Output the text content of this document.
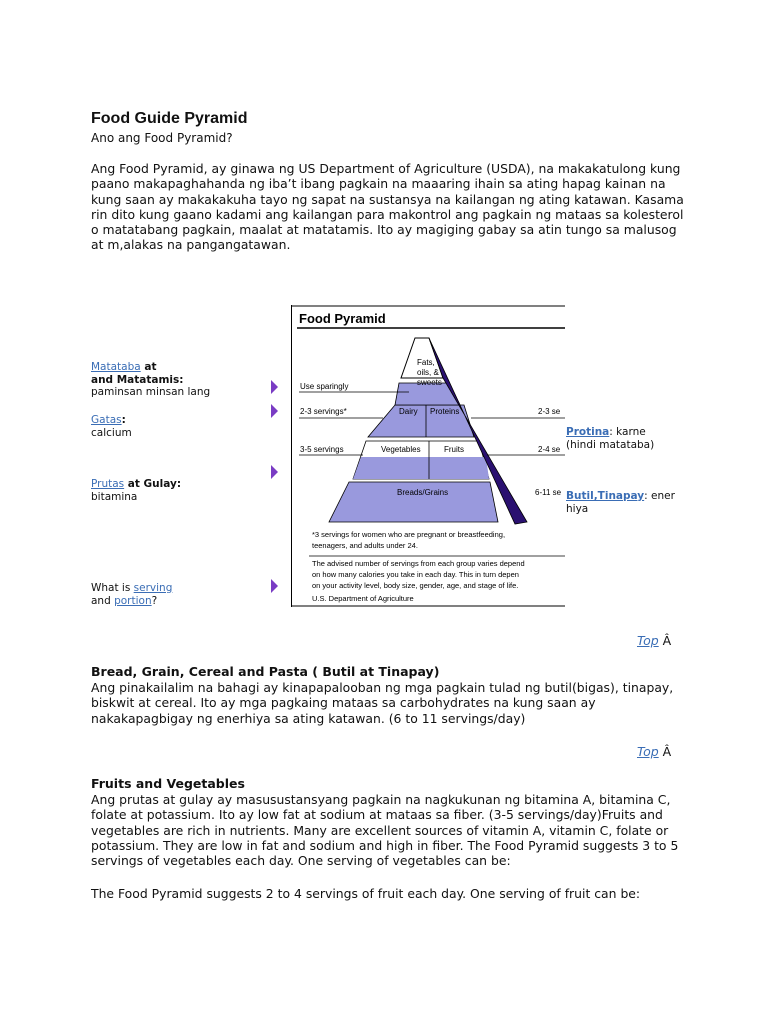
Food Guide Pyramid
Ano ang Food Pyramid?
Ang Food Pyramid, ay ginawa ng US Department of Agriculture (USDA), na makakatulong kung paano makapaghahanda ng iba’t ibang pagkain na maaaring ihain sa ating hapag kainan na kung saan ay makakakuha tayo ng sapat na sustansya na kailangan ng ating katawan. Kasama rin dito kung gaano kadami ang kailangan para makontrol ang pagkain ng mataas sa kolesterol o matatabang pagkain, maalat at matatamis. Ito ay magiging gabay sa atin tungo sa malusog at m,alakas na pangangatawan.
Matataba at
and Matatamis:
paminsan minsan lang
Gatas:
calcium
Prutas at Gulay:
bitamina
What is serving
and portion?
Food Pyramid
Use sparingly
Fats,
oils, &
sweets
2-3 servings*	Dairy Proteins	2-3 se
3-5 servings	Vegetables	Fruits	2-4 se
Breads/Grains	6-11 se
*3 servings for women who are pregnant or breastfeeding,
teenagers, and adults under 24.
The advised number of servings from each group varies depend
on how many calories you take in each day. This in turn depen
on your activity level, body size, gender, age, and stage of life.
U.S. Department of Agriculture
Protina: karne
(hindi matataba)
Butil,Tinapay: ener
hiya
Top Â
Bread, Grain, Cereal and Pasta ( Butil at Tinapay)
Ang pinakailalim na bahagi ay kinapapalooban ng mga pagkain tulad ng butil(bigas), tinapay, biskwit at cereal. Ito ay mga pagkaing mataas sa carbohydrates na kung saan ay nakakapagbigay ng enerhiya sa ating katawan. (6 to 11 servings/day)
Top Â
Fruits and Vegetables
Ang prutas at gulay ay masusustansyang pagkain na nagkukunan ng bitamina A, bitamina C, folate at potassium. Ito ay low fat at sodium at mataas sa fiber. (3-5 servings/day)Fruits and vegetables are rich in nutrients. Many are excellent sources of vitamin A, vitamin C, folate or potassium. They are low in fat and sodium and high in fiber. The Food Pyramid suggests 3 to 5 servings of vegetables each day. One serving of vegetables can be:
The Food Pyramid suggests 2 to 4 servings of fruit each day. One serving of fruit can be:
